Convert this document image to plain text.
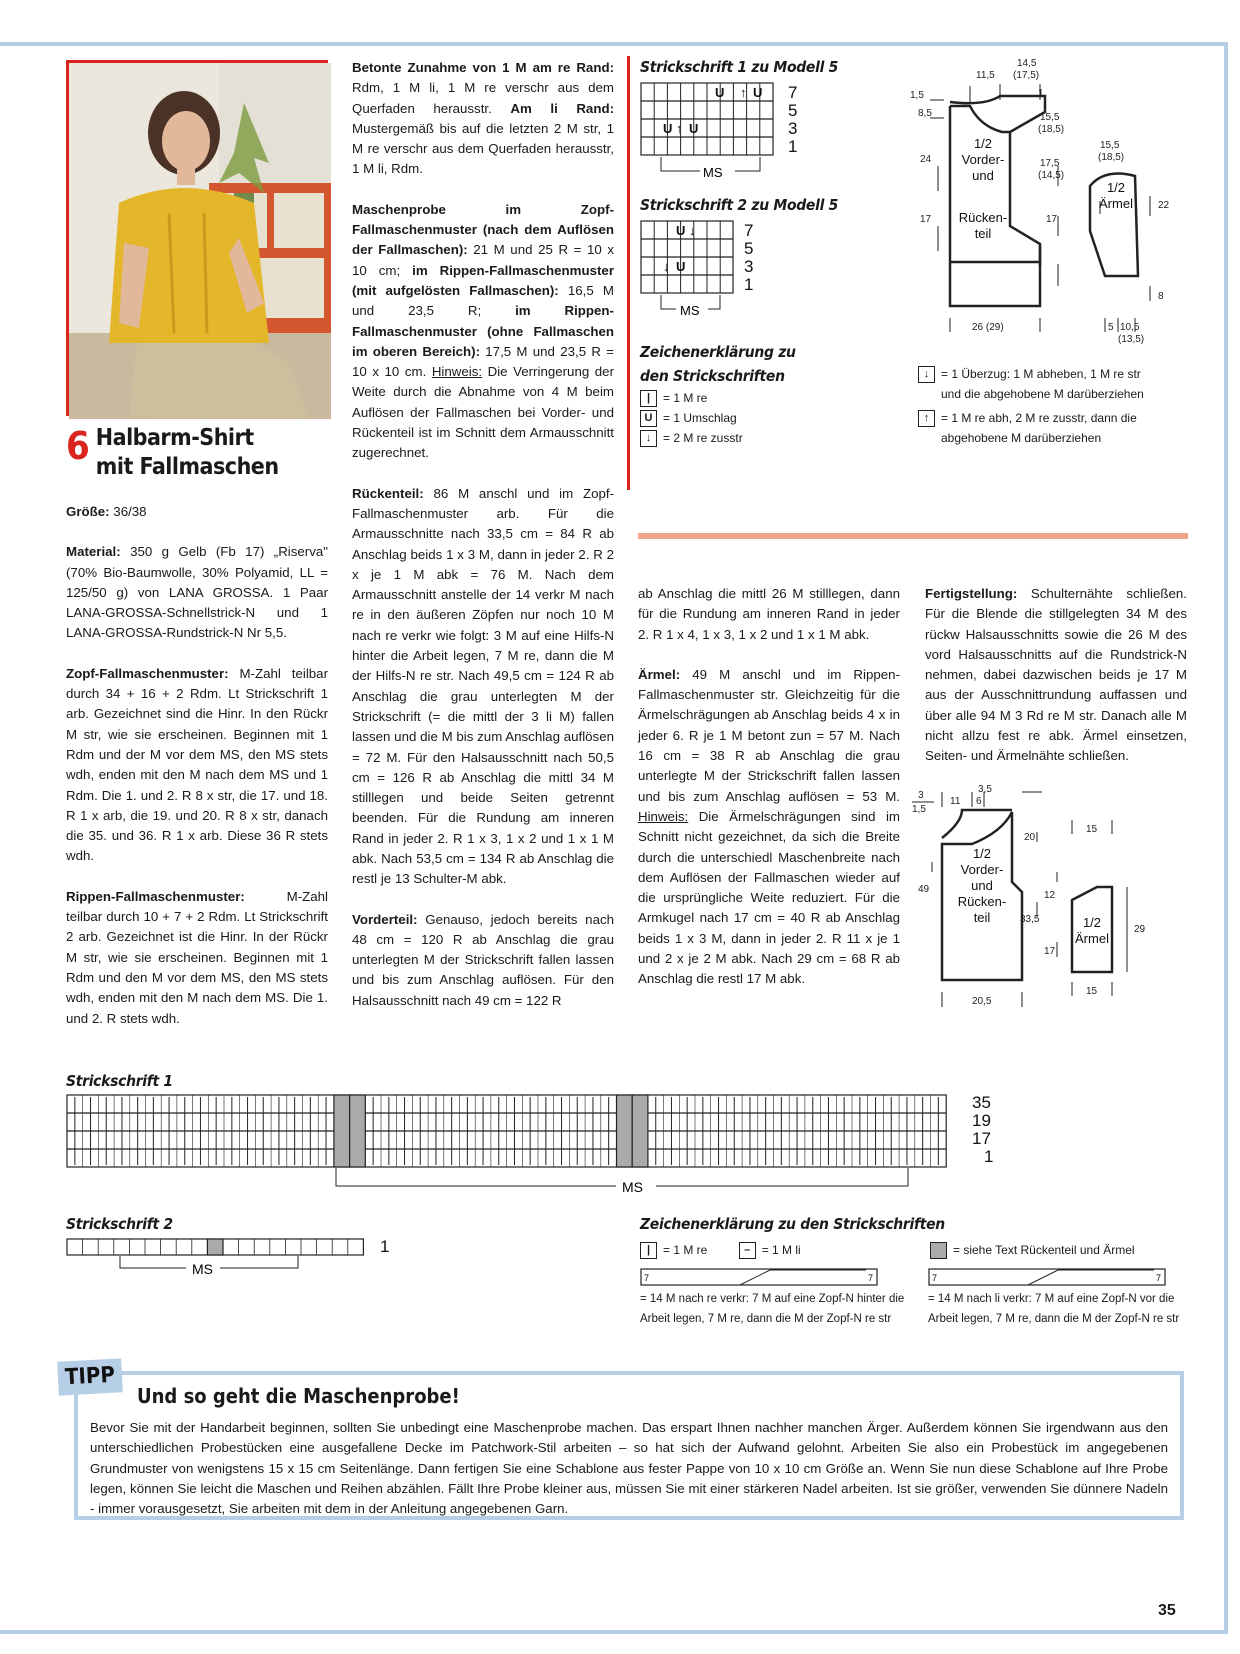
6 Halbarm-Shirt
mit Fallmaschen

Größe: 36/38

Material: 350 g Gelb (Fb 17) „Riserva" (70% Bio-Baumwolle, 30% Polyamid, LL = 125/50 g) von LANA GROSSA. 1 Paar LANA-GROSSA-Schnellstrick-N und 1 LANA-GROSSA-Rundstrick-N Nr 5,5.

Zopf-Fallmaschenmuster: M-Zahl teilbar durch 34 + 16 + 2 Rdm. Lt Strickschrift 1 arb. Gezeichnet sind die Hinr. In den Rückr M str, wie sie erscheinen. Beginnen mit 1 Rdm und der M vor dem MS, den MS stets wdh, enden mit den M nach dem MS und 1 Rdm. Die 1. und 2. R 8 x str, die 17. und 18. R 1 x arb, die 19. und 20. R 8 x str, danach die 35. und 36. R 1 x arb. Diese 36 R stets wdh.

Rippen-Fallmaschenmuster:	M-Zahl teilbar durch 10 + 7 + 2 Rdm. Lt Strickschrift 2 arb. Gezeichnet ist die Hinr. In der Rückr M str, wie sie erscheinen. Beginnen mit 1 Rdm und den M vor dem MS, den MS stets wdh, enden mit den M nach dem MS. Die 1. und 2. R stets wdh.

Betonte Zunahme von 1 M am re Rand: Rdm, 1 M li, 1 M re verschr aus dem Querfaden herausstr. Am li Rand: Mustergemäß bis auf die letzten 2 M str, 1 M re verschr aus dem Querfaden herausstr, 1 M li, Rdm.

Maschenprobe im Zopf-Fallmaschenmuster (nach dem Auflösen der Fallmaschen): 21 M und 25 R = 10 x 10 cm; im Rippen-Fallmaschenmuster (mit aufgelösten Fallmaschen): 16,5 M und 23,5 R;	im Rippen-Fallmaschenmuster (ohne Fallmaschen im oberen Bereich): 17,5 M und 23,5 R = 10 x 10 cm. Hinweis: Die Verringerung der Weite durch die Abnahme von 4 M beim Auflösen der Fallmaschen bei Vorder- und Rückenteil ist im Schnitt dem Armausschnitt zugerechnet.

Rückenteil: 86 M anschl und im Zopf-Fallmaschenmuster arb. Für die Armausschnitte nach 33,5 cm = 84 R ab Anschlag beids 1 x 3 M, dann in jeder 2. R 2 x je 1 M abk = 76 M. Nach dem Armausschnitt anstelle der 14 verkr M nach re in den äußeren Zöpfen nur noch 10 M nach re verkr wie folgt: 3 M auf eine Hilfs-N hinter die Arbeit legen, 7 M re, dann die M der Hilfs-N re str. Nach 49,5 cm = 124 R ab Anschlag die grau unterlegten M der Strickschrift (= die mittl der 3 li M) fallen lassen und die M bis zum Anschlag auflösen = 72 M. Für den Halsausschnitt nach 50,5 cm = 126 R ab Anschlag die mittl 34 M stilllegen und beide Seiten getrennt beenden. Für die Rundung am inneren Rand in jeder 2. R 1 x 3, 1 x 2 und 1 x 1 M abk. Nach 53,5 cm = 134 R ab Anschlag die restl je 13 Schulter-M abk.

Vorderteil: Genauso, jedoch bereits nach 48 cm = 120 R ab Anschlag die grau unterlegten M der Strickschrift fallen lassen und bis zum Anschlag auflösen. Für den Halsausschnitt nach 49 cm = 122 R

ab Anschlag die mittl 26 M stilllegen, dann für die Rundung am inneren Rand in jeder 2. R 1 x 4, 1 x 3, 1 x 2 und 1 x 1 M abk.

Ärmel: 49 M anschl und im Rippen-Fallmaschenmuster str. Gleichzeitig für die Ärmelschrägungen ab Anschlag beids 4 x in jeder 6. R je 1 M betont zun = 57 M. Nach 16 cm = 38 R ab Anschlag die grau unterlegte M der Strickschrift fallen lassen und bis zum Anschlag auflösen = 53 M. Hinweis: Die Ärmelschrägungen sind im Schnitt nicht gezeichnet, da sich die Breite durch die unterschiedl Maschenbreite nach dem Auflösen der Fallmaschen wieder auf die ursprüngliche Weite reduziert. Für die Armkugel nach 17 cm = 40 R ab Anschlag beids 1 x 3 M, dann in jeder 2. R 11 x je 1 und 2 x je 2 M abk. Nach 29 cm = 68 R ab Anschlag die restl 17 M abk.

Fertigstellung: Schulternähte schließen. Für die Blende die stillgelegten 34 M des rückw Halsausschnitts sowie die 26 M des vord Halsausschnitts auf die Rundstrick-N nehmen, dabei dazwischen beids je 17 M aus der Ausschnittrundung auffassen und über alle 94 M 3 Rd re M str. Danach alle M nicht allzu fest re abk. Ärmel einsetzen, Seiten- und Ärmelnähte schließen.

Strickschrift 1 zu Modell 5
U ↑ U
U ↑ U
7
5
3
1
MS
Strickschrift 2 zu Modell 5
U ↓
↓ U
7
5
3
1
MS
Zeichenerklärung zu
den Strickschriften
| = 1 M re
U = 1 Umschlag
↓ = 2 M re zusstr
↓ = 1 Überzug: 1 M abheben, 1 M re str
und die abgehobene M darüberziehen
↑ = 1 M re abh, 2 M re zusstr, dann die
abgehobene M darüberziehen
14,5
(17,5)
11,5
1
1,5
8,5
24
17
15,5
(18,5)
17,5
(14,5)
17
26 (29)
15,5
(18,5)
22
8
5 10,5
(13,5)
1/2
Vorder-
und
Rücken-
teil
1/2
Ärmel
3,5
11 6
3
1,5
20
49
33,5
20,5
15
12
17
29
15
1/2
Vorder-
und
Rücken-
teil	1/2
Ärmel
Strickschrift 1
35
19
17
1
MS
Strickschrift 2
1
MS
Zeichenerklärung zu den Strickschriften
| = 1 M re	– = 1 M li	= siehe Text Rückenteil und Ärmel
7	7
= 14 M nach re verkr: 7 M auf eine Zopf-N hinter die
Arbeit legen, 7 M re, dann die M der Zopf-N re str
7	7
= 14 M nach li verkr: 7 M auf eine Zopf-N vor die
Arbeit legen, 7 M re, dann die M der Zopf-N re str
TIPP
Und so geht die Maschenprobe!
Bevor Sie mit der Handarbeit beginnen, sollten Sie unbedingt eine Maschenprobe machen. Das erspart Ihnen nachher manchen Ärger. Außerdem können Sie irgendwann aus den unterschiedlichen Probestücken eine ausgefallene Decke im Patchwork-Stil arbeiten – so hat sich der Aufwand gelohnt. Arbeiten Sie also ein Probestück im angegebenen Grundmuster von wenigstens 15 x 15 cm Seitenlänge. Dann fertigen Sie eine Schablone aus fester Pappe von 10 x 10 cm Größe an. Wenn Sie nun diese Schablone auf Ihre Probe legen, können Sie leicht die Maschen und Reihen abzählen. Fällt Ihre Probe kleiner aus, müssen Sie mit einer stärkeren Nadel arbeiten. Ist sie größer, verwenden Sie dünnere Nadeln - immer vorausgesetzt, Sie arbeiten mit dem in der Anleitung angegebenen Garn.
35
